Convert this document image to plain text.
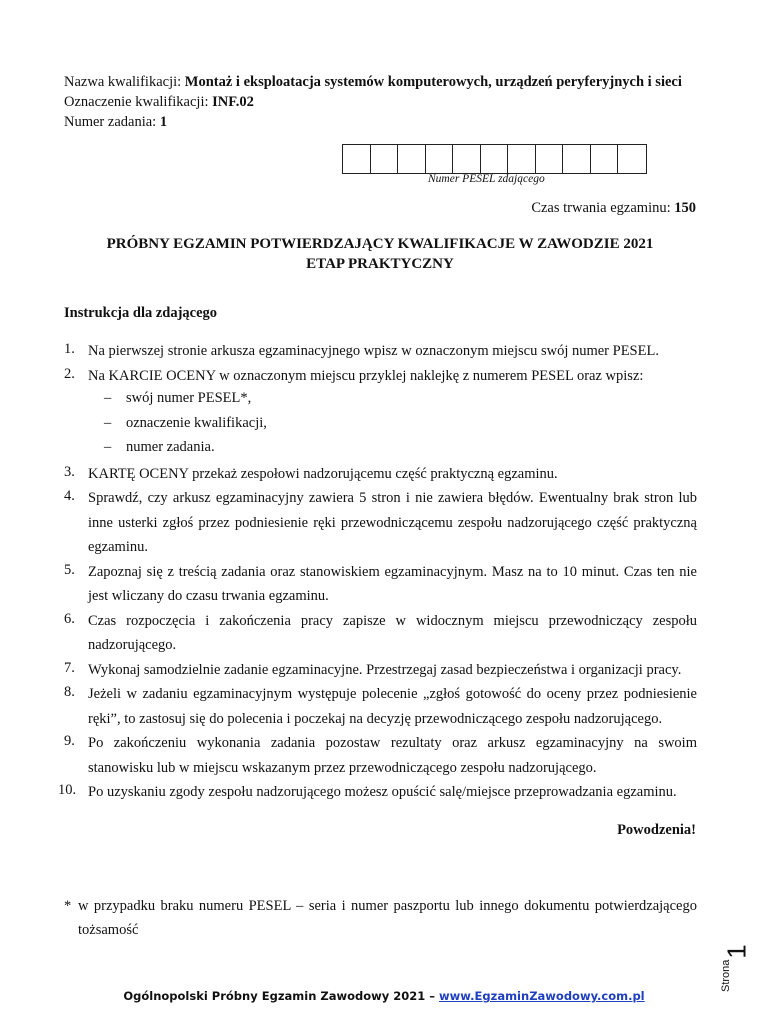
Nazwa kwalifikacji: Montaż i eksploatacja systemów komputerowych, urządzeń peryferyjnych i sieci
Oznaczenie kwalifikacji: INF.02
Numer zadania: 1
Numer PESEL zdającego
Czas trwania egzaminu: 150
PRÓBNY EGZAMIN POTWIERDZAJĄCY KWALIFIKACJE W ZAWODZIE 2021
ETAP PRAKTYCZNY
Instrukcja dla zdającego
1. Na pierwszej stronie arkusza egzaminacyjnego wpisz w oznaczonym miejscu swój numer PESEL.
2. Na KARCIE OCENY w oznaczonym miejscu przyklej naklejkę z numerem PESEL oraz wpisz:
– swój numer PESEL*,
– oznaczenie kwalifikacji,
– numer zadania.
3. KARTĘ OCENY przekaż zespołowi nadzorującemu część praktyczną egzaminu.
4. Sprawdź, czy arkusz egzaminacyjny zawiera 5 stron i nie zawiera błędów. Ewentualny brak stron lub inne usterki zgłoś przez podniesienie ręki przewodniczącemu zespołu nadzorującego część praktyczną egzaminu.
5. Zapoznaj się z treścią zadania oraz stanowiskiem egzaminacyjnym. Masz na to 10 minut. Czas ten nie jest wliczany do czasu trwania egzaminu.
6. Czas rozpoczęcia i zakończenia pracy zapisze w widocznym miejscu przewodniczący zespołu nadzorującego.
7. Wykonaj samodzielnie zadanie egzaminacyjne. Przestrzegaj zasad bezpieczeństwa i organizacji pracy.
8. Jeżeli w zadaniu egzaminacyjnym występuje polecenie „zgłoś gotowość do oceny przez podniesienie ręki”, to zastosuj się do polecenia i poczekaj na decyzję przewodniczącego zespołu nadzorującego.
9. Po zakończeniu wykonania zadania pozostaw rezultaty oraz arkusz egzaminacyjny na swoim stanowisku lub w miejscu wskazanym przez przewodniczącego zespołu nadzorującego.
10. Po uzyskaniu zgody zespołu nadzorującego możesz opuścić salę/miejsce przeprowadzania egzaminu.
Powodzenia!
* w przypadku braku numeru PESEL – seria i numer paszportu lub innego dokumentu potwierdzającego tożsamość
Strona
1
Ogólnopolski Próbny Egzamin Zawodowy 2021 – www.EgzaminZawodowy.com.pl
